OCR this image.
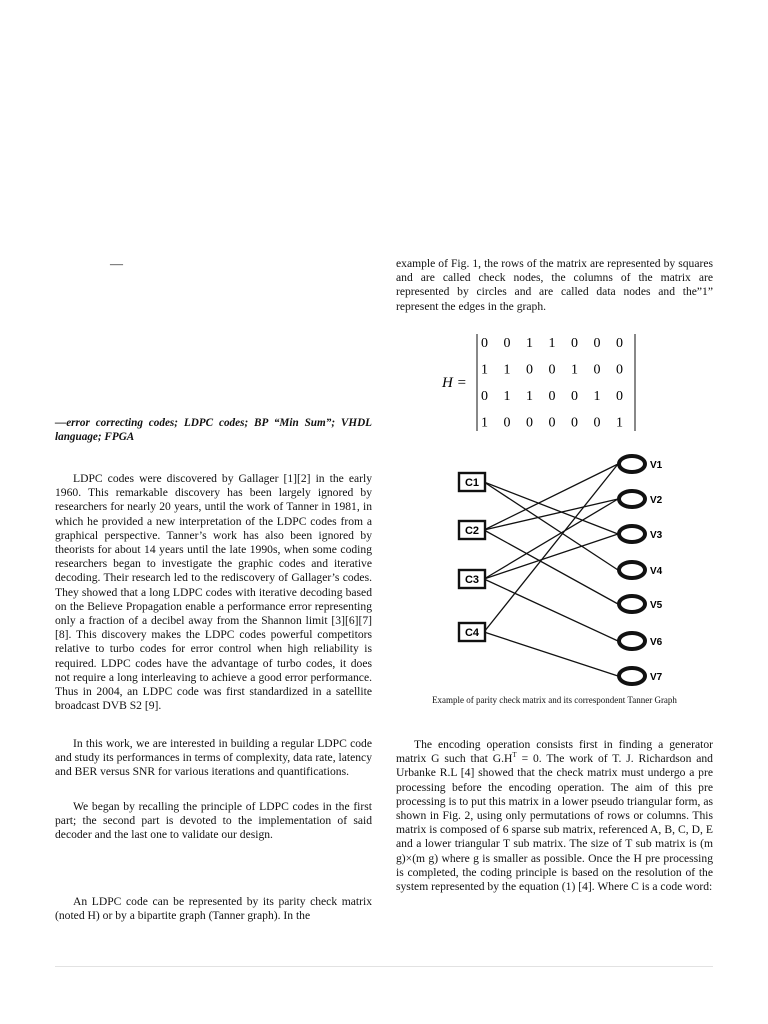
—
—error correcting codes; LDPC codes; BP “Min Sum”; VHDL language; FPGA

LDPC codes were discovered by Gallager [1][2] in the early 1960. This remarkable discovery has been largely ignored by researchers for nearly 20 years, until the work of Tanner in 1981, in which he provided a new interpretation of the LDPC codes from a graphical perspective. Tanner’s work has also been ignored by theorists for about 14 years until the late 1990s, when some coding researchers began to investigate the graphic codes and iterative decoding. Their research led to the rediscovery of Gallager’s codes. They showed that a long LDPC codes with iterative decoding based on the Believe Propagation enable a performance error representing only a fraction of a decibel away from the Shannon limit [3][6][7][8]. This discovery makes the LDPC codes powerful competitors relative to turbo codes for error control when high reliability is required. LDPC codes have the advantage of turbo codes, it does not require a long interleaving to achieve a good error performance. Thus in 2004, an LDPC code was first standardized in a satellite broadcast DVB S2 [9].

In this work, we are interested in building a regular LDPC code and study its performances in terms of complexity, data rate, latency and BER versus SNR for various iterations and quantifications.

We began by recalling the principle of LDPC codes in the first part; the second part is devoted to the implementation of said decoder and the last one to validate our design.

An LDPC code can be represented by its parity check matrix (noted H) or by a bipartite graph (Tanner graph). In the

example of Fig. 1, the rows of the matrix are represented by squares and are called check nodes, the columns of the matrix are represented by circles and are called data nodes and the”1” represent the edges in the graph.

H =
0 0 1 1 0 0 0
1 1 0 0 1 0 0
0 1 1 0 0 1 0
1 0 0 0 0 0 1
C1
C2
C3
C4
V1
V2
V3
V4
V5
V6
V7
Example of parity check matrix and its correspondent Tanner Graph

The encoding operation consists first in finding a generator matrix G such that $G.H^T = 0$. The work of T. J. Richardson and Urbanke R.L [4] showed that the check matrix must undergo a pre processing before the encoding operation. The aim of this pre processing is to put this matrix in a lower pseudo triangular form, as shown in Fig. 2, using only permutations of rows or columns. This matrix is composed of 6 sparse sub matrix, referenced A, B, C, D, E and a lower triangular T sub matrix. The size of T sub matrix is (m g)×(m g) where g is smaller as possible. Once the H pre processing is completed, the coding principle is based on the resolution of the system represented by the equation (1) [4]. Where C is a code word:
